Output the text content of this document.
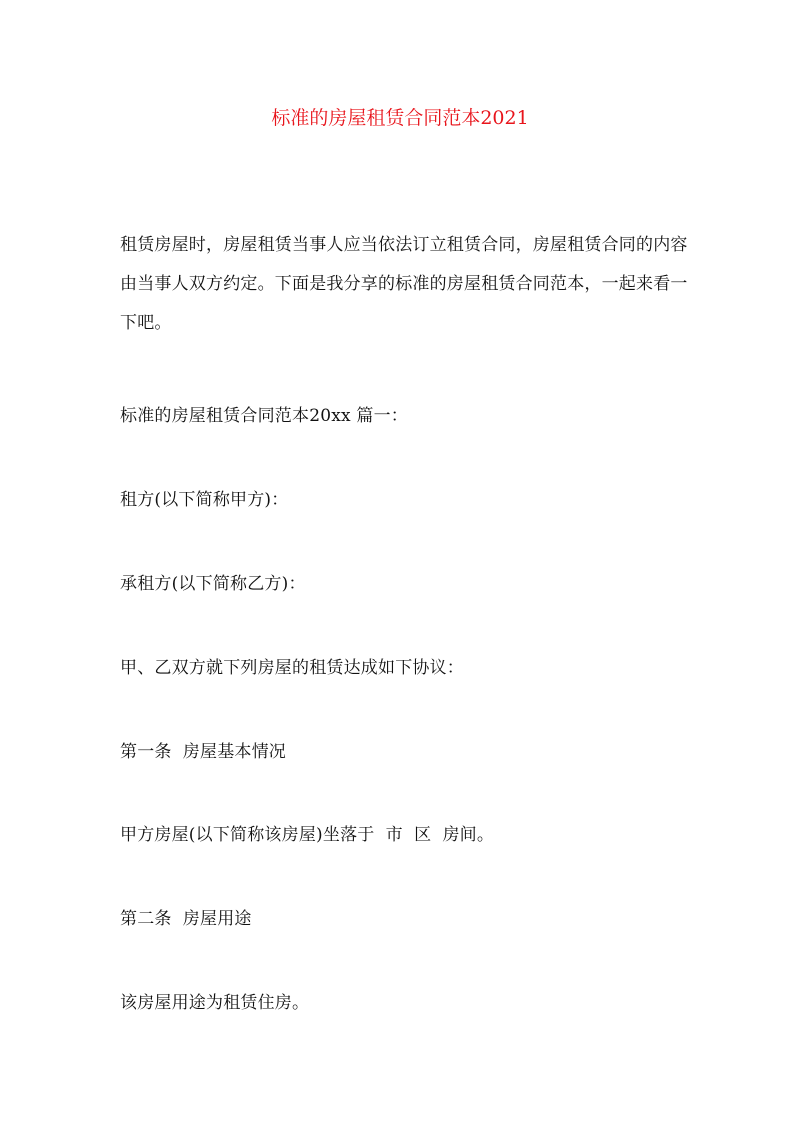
标准的房屋租赁合同范本2021

租赁房屋时，房屋租赁当事人应当依法订立租赁合同，房屋租赁合同的内容由当事人双方约定。下面是我分享的标准的房屋租赁合同范本，一起来看一下吧。

标准的房屋租赁合同范本20xx 篇一：

租方(以下简称甲方)：

承租方(以下简称乙方)：

甲、乙双方就下列房屋的租赁达成如下协议：

第一条  房屋基本情况

甲方房屋(以下简称该房屋)坐落于  市  区  房间。

第二条  房屋用途

该房屋用途为租赁住房。
